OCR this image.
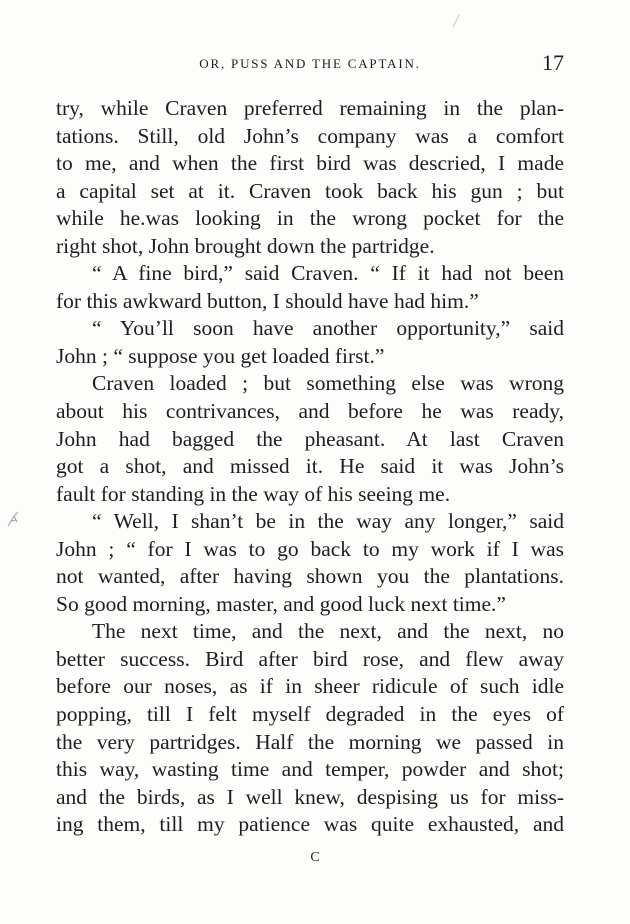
OR, PUSS AND THE CAPTAIN.	17
try, while Craven preferred remaining in the plan-
tations. Still, old John’s company was a comfort
to me, and when the first bird was descried, I made
a capital set at it. Craven took back his gun ; but
while he.was looking in the wrong pocket for the
right shot, John brought down the partridge.
“ A fine bird,” said Craven. “ If it had not been
for this awkward button, I should have had him.”
“ You’ll soon have another opportunity,” said
John ; “ suppose you get loaded first.”
Craven loaded ; but something else was wrong
about his contrivances, and before he was ready,
John had bagged the pheasant. At last Craven
got a shot, and missed it. He said it was John’s
fault for standing in the way of his seeing me.
“ Well, I shan’t be in the way any longer,” said
John ; “ for I was to go back to my work if I was
not wanted, after having shown you the plantations.
So good morning, master, and good luck next time.”
The next time, and the next, and the next, no
better success. Bird after bird rose, and flew away
before our noses, as if in sheer ridicule of such idle
popping, till I felt myself degraded in the eyes of
the very partridges. Half the morning we passed in
this way, wasting time and temper, powder and shot;
and the birds, as I well knew, despising us for miss-
ing them, till my patience was quite exhausted, and
C
